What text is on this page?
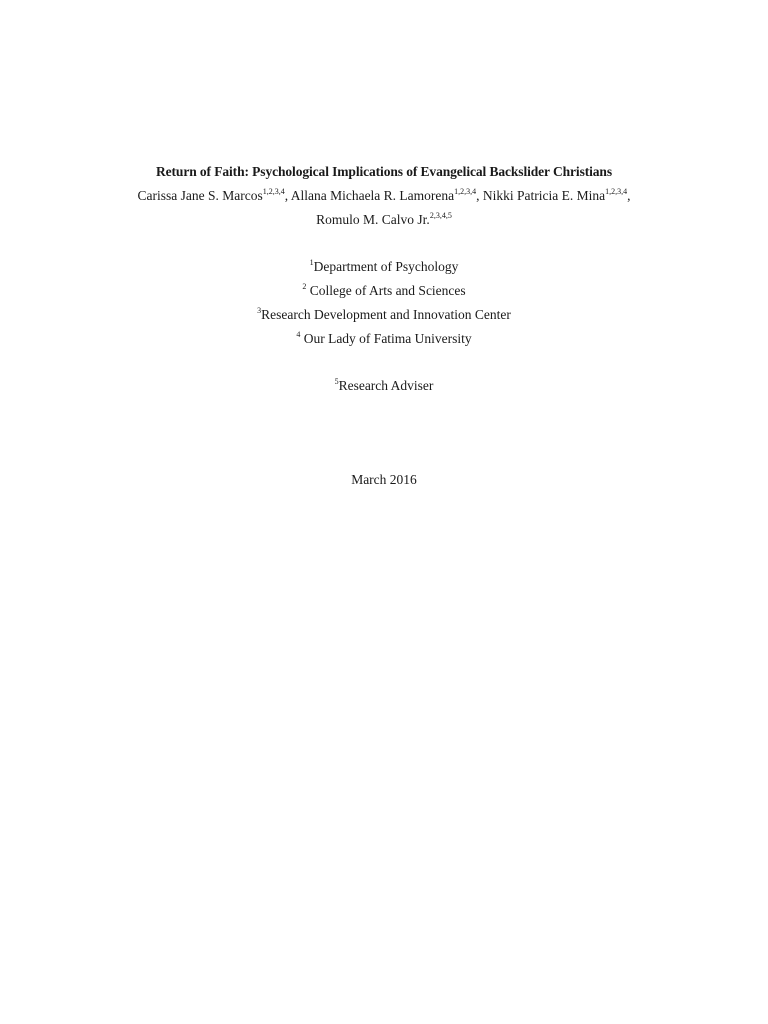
Return of Faith: Psychological Implications of Evangelical Backslider Christians
Carissa Jane S. Marcos$^{1,2,3,4}$, Allana Michaela R. Lamorena$^{1,2,3,4}$, Nikki Patricia E. Mina$^{1,2,3,4}$,
Romulo M. Calvo Jr.$^{2,3,4,5}$
$^1$Department of Psychology
$^2$ College of Arts and Sciences
$^3$Research Development and Innovation Center
$^4$ Our Lady of Fatima University
$^5$Research Adviser
March 2016
